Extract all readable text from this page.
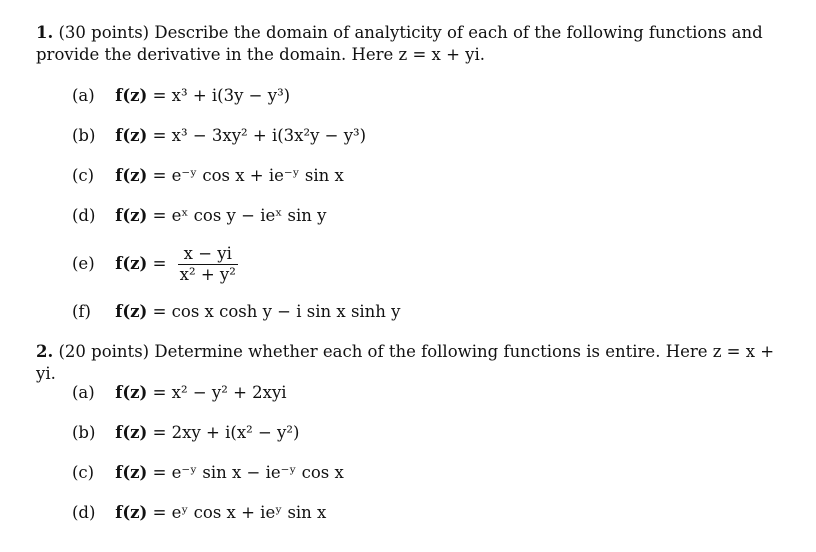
1. (30 points) Describe the domain of analyticity of each of the following functions and provide the derivative in the domain. Here z = x + yi.
(a) f(z) = x³ + i(3y − y³)
(b) f(z) = x³ − 3xy² + i(3x²y − y³)
(c) f(z) = e⁻ʸ cos x + ie⁻ʸ sin x
(d) f(z) = eˣ cos y − ieˣ sin y
(e) $f(z) = \frac{x - yi}{\text{x² + y²}}$
(f) f(z) = cos x cosh y − i sin x sinh y
2. (20 points) Determine whether each of the following functions is entire. Here z = x + yi.
(a) f(z) = x² − y² + 2xyi
(b) f(z) = 2xy + i(x² − y²)
(c) f(z) = e⁻ʸ sin x − ie⁻ʸ cos x
(d) f(z) = eʸ cos x + ieʸ sin x
